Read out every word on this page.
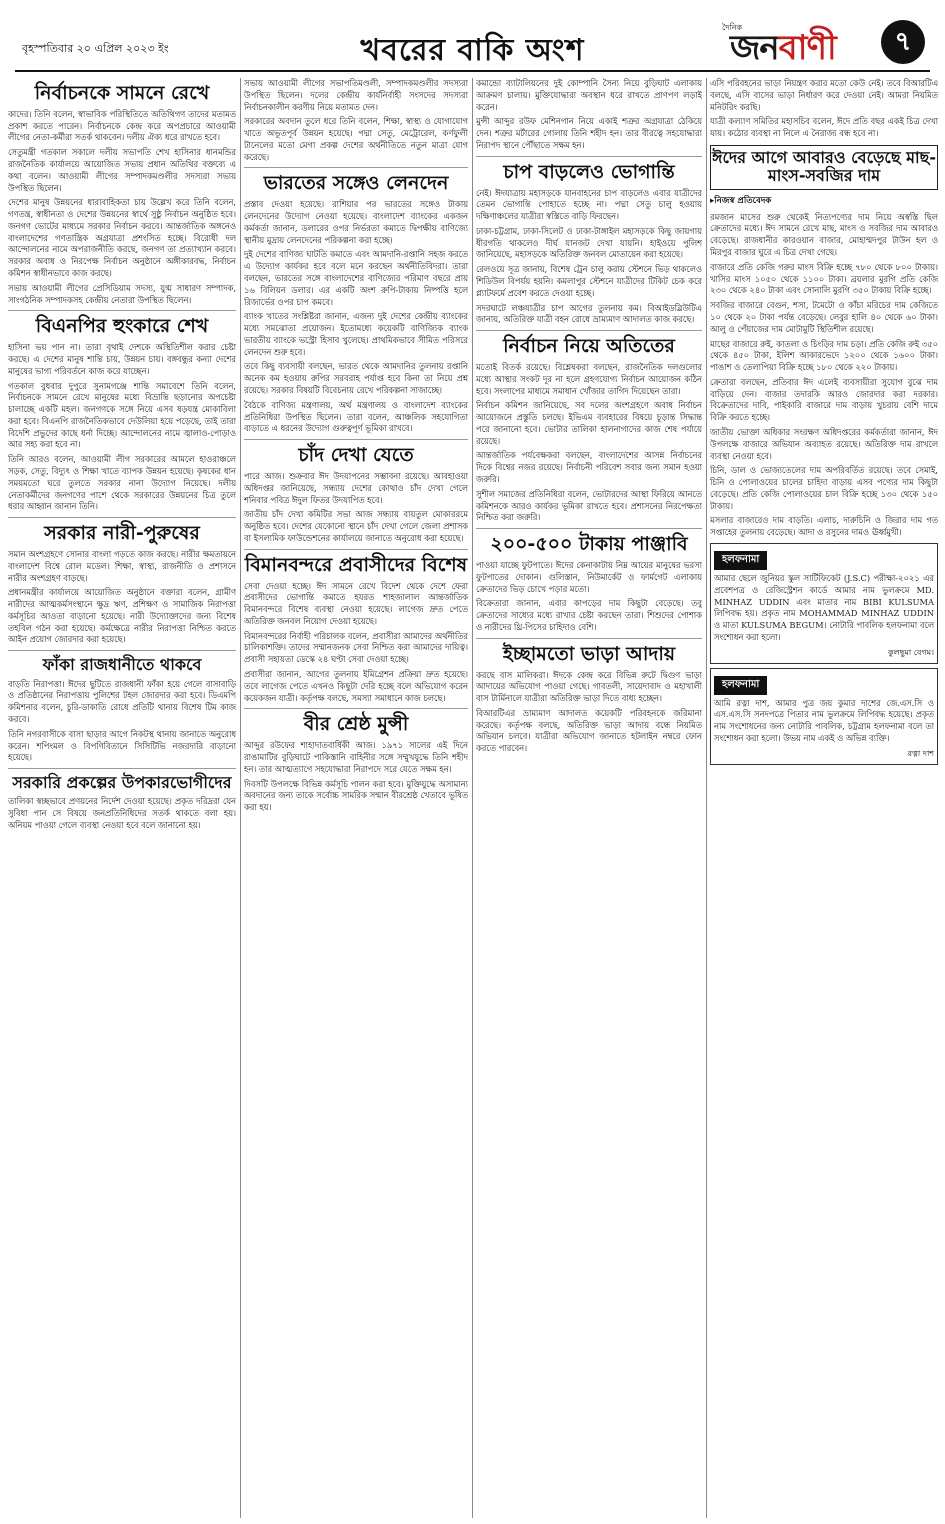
বৃহস্পতিবার ২০ এপ্রিল ২০২৩ ইং	খবরের বাকি অংশ
দৈনিক
জনবাণী	৭
নির্বাচনকে সামনে রেখে

কাদের। তিনি বলেন, স্বাভাবিক পরিস্থিতিতে অতিথিগণ তাদের মতামত প্রকাশ করতে পারেন। নির্বাচনকে কেন্দ্র করে অপপ্রচারে আওয়ামী লীগের নেতা-কর্মীরা সতর্ক থাকবেন। দলীয় ঐক্য ধরে রাখতে হবে।

সেতুমন্ত্রী গতকাল সকালে দলীয় সভাপতি শেখ হাসিনার ধানমন্ডির রাজনৈতিক কার্যালয়ে আয়োজিত সভায় প্রধান অতিথির বক্তব্যে এ কথা বলেন। আওয়ামী লীগের সম্পাদকমণ্ডলীর সদস্যরা সভায় উপস্থিত ছিলেন।

দেশের মানুষ উন্নয়নের ধারাবাহিকতা চায় উল্লেখ করে তিনি বলেন, গণতন্ত্র, স্বাধীনতা ও দেশের উন্নয়নের স্বার্থে সুষ্ঠু নির্বাচন অনুষ্ঠিত হবে। জনগণ ভোটের মাধ্যমে সরকার নির্বাচন করবে। আন্তর্জাতিক অঙ্গনেও বাংলাদেশের গণতান্ত্রিক অগ্রযাত্রা প্রশংসিত হচ্ছে। বিরোধী দল আন্দোলনের নামে অপরাজনীতি করছে, জনগণ তা প্রত্যাখ্যান করবে। সরকার অবাধ ও নিরপেক্ষ নির্বাচন অনুষ্ঠানে অঙ্গীকারবদ্ধ, নির্বাচন কমিশন স্বাধীনভাবে কাজ করছে।

সভায় আওয়ামী লীগের প্রেসিডিয়াম সদস্য, যুগ্ম সাধারণ সম্পাদক, সাংগঠনিক সম্পাদকসহ কেন্দ্রীয় নেতারা উপস্থিত ছিলেন।

বিএনপির হুংকারে শেখ

হাসিনা ভয় পান না। তারা বৃথাই দেশকে অস্থিতিশীল করার চেষ্টা করছে। এ দেশের মানুষ শান্তি চায়, উন্নয়ন চায়। বঙ্গবন্ধুর কন্যা দেশের মানুষের ভাগ্য পরিবর্তনে কাজ করে যাচ্ছেন।

গতকাল বুধবার দুপুরে সুনামগঞ্জে শান্তি সমাবেশে তিনি বলেন, নির্বাচনকে সামনে রেখে মানুষের মধ্যে বিভ্রান্তি ছড়ানোর অপচেষ্টা চালাচ্ছে একটি মহল। জনগণকে সঙ্গে নিয়ে এসব ষড়যন্ত্র মোকাবিলা করা হবে। বিএনপি রাজনৈতিকভাবে দেউলিয়া হয়ে পড়েছে, তাই তারা বিদেশি প্রভুদের কাছে ধর্না দিচ্ছে। আন্দোলনের নামে জ্বালাও-পোড়াও আর সহ্য করা হবে না।

তিনি আরও বলেন, আওয়ামী লীগ সরকারের আমলে হাওরাঞ্চলে সড়ক, সেতু, বিদ্যুৎ ও শিক্ষা খাতে ব্যাপক উন্নয়ন হয়েছে। কৃষকের ধান সময়মতো ঘরে তুলতে সরকার নানা উদ্যোগ নিয়েছে। দলীয় নেতাকর্মীদের জনগণের পাশে থেকে সরকারের উন্নয়নের চিত্র তুলে ধরার আহ্বান জানান তিনি।

সরকার নারী-পুরুষের

সমান অংশগ্রহণে সোনার বাংলা গড়তে কাজ করছে। নারীর ক্ষমতায়নে বাংলাদেশ বিশ্বে রোল মডেল। শিক্ষা, স্বাস্থ্য, রাজনীতি ও প্রশাসনে নারীর অংশগ্রহণ বাড়ছে।

প্রধানমন্ত্রীর কার্যালয়ে আয়োজিত অনুষ্ঠানে বক্তারা বলেন, গ্রামীণ নারীদের আত্মকর্মসংস্থানে ক্ষুদ্র ঋণ, প্রশিক্ষণ ও সামাজিক নিরাপত্তা কর্মসূচির আওতা বাড়ানো হয়েছে। নারী উদ্যোক্তাদের জন্য বিশেষ তহবিল গঠন করা হয়েছে। কর্মক্ষেত্রে নারীর নিরাপত্তা নিশ্চিত করতে আইন প্রয়োগ জোরদার করা হয়েছে।

ফাঁকা রাজধানীতে থাকবে

বাড়তি নিরাপত্তা। ঈদের ছুটিতে রাজধানী ফাঁকা হয়ে গেলে বাসাবাড়ি ও প্রতিষ্ঠানের নিরাপত্তায় পুলিশের টহল জোরদার করা হবে। ডিএমপি কমিশনার বলেন, চুরি-ডাকাতি রোধে প্রতিটি থানায় বিশেষ টিম কাজ করবে।

তিনি নগরবাসীকে বাসা ছাড়ার আগে নিকটস্থ থানায় জানাতে অনুরোধ করেন। শপিংমল ও বিপণিবিতানে সিসিটিভি নজরদারি বাড়ানো হয়েছে।

সরকারি প্রকল্পের উপকারভোগীদের

তালিকা স্বচ্ছভাবে প্রণয়নের নির্দেশ দেওয়া হয়েছে। প্রকৃত দরিদ্ররা যেন সুবিধা পান সে বিষয়ে জনপ্রতিনিধিদের সতর্ক থাকতে বলা হয়। অনিয়ম পাওয়া গেলে ব্যবস্থা নেওয়া হবে বলে জানানো হয়।

সভায় আওয়ামী লীগের সভাপতিমণ্ডলী, সম্পাদকমণ্ডলীর সদস্যরা উপস্থিত ছিলেন। দলের কেন্দ্রীয় কার্যনির্বাহী সংসদের সদস্যরা নির্বাচনকালীন করণীয় নিয়ে মতামত দেন।

সরকারের অবদান তুলে ধরে তিনি বলেন, শিক্ষা, স্বাস্থ্য ও যোগাযোগ খাতে অভূতপূর্ব উন্নয়ন হয়েছে। পদ্মা সেতু, মেট্রোরেল, কর্ণফুলী টানেলের মতো মেগা প্রকল্প দেশের অর্থনীতিতে নতুন মাত্রা যোগ করেছে।

ভারতের সঙ্গেও লেনদেন

প্রস্তাব দেওয়া হয়েছে। রাশিয়ার পর ভারতের সঙ্গেও টাকায় লেনদেনের উদ্যোগ নেওয়া হয়েছে। বাংলাদেশ ব্যাংকের একজন কর্মকর্তা জানান, ডলারের ওপর নির্ভরতা কমাতে দ্বিপক্ষীয় বাণিজ্যে স্থানীয় মুদ্রায় লেনদেনের পরিকল্পনা করা হচ্ছে।

দুই দেশের বাণিজ্য ঘাটতি কমাতে এবং আমদানি-রপ্তানি সহজ করতে এ উদ্যোগ কার্যকর হবে বলে মনে করছেন অর্থনীতিবিদরা। তারা বলছেন, ভারতের সঙ্গে বাংলাদেশের বাণিজ্যের পরিমাণ বছরে প্রায় ১৬ বিলিয়ন ডলার। এর একটি অংশ রুপি-টাকায় নিষ্পত্তি হলে রিজার্ভের ওপর চাপ কমবে।

ব্যাংক খাতের সংশ্লিষ্টরা জানান, এজন্য দুই দেশের কেন্দ্রীয় ব্যাংকের মধ্যে সমঝোতা প্রয়োজন। ইতোমধ্যে কয়েকটি বাণিজ্যিক ব্যাংক ভারতীয় ব্যাংকে ভস্ট্রো হিসাব খুলেছে। প্রাথমিকভাবে সীমিত পরিসরে লেনদেন শুরু হবে।

তবে কিছু ব্যবসায়ী বলছেন, ভারত থেকে আমদানির তুলনায় রপ্তানি অনেক কম হওয়ায় রুপির সরবরাহ পর্যাপ্ত হবে কিনা তা নিয়ে প্রশ্ন রয়েছে। সরকার বিষয়টি বিবেচনায় রেখে পরিকল্পনা সাজাচ্ছে।

বৈঠকে বাণিজ্য মন্ত্রণালয়, অর্থ মন্ত্রণালয় ও বাংলাদেশ ব্যাংকের প্রতিনিধিরা উপস্থিত ছিলেন। তারা বলেন, আঞ্চলিক সহযোগিতা বাড়াতে এ ধরনের উদ্যোগ গুরুত্বপূর্ণ ভূমিকা রাখবে।

চাঁদ দেখা যেতে

পারে আজ। শুক্রবার ঈদ উদযাপনের সম্ভাবনা রয়েছে। আবহাওয়া অধিদপ্তর জানিয়েছে, সন্ধ্যায় দেশের কোথাও চাঁদ দেখা গেলে শনিবার পবিত্র ঈদুল ফিতর উদযাপিত হবে।

জাতীয় চাঁদ দেখা কমিটির সভা আজ সন্ধ্যায় বায়তুল মোকাররমে অনুষ্ঠিত হবে। দেশের যেকোনো স্থানে চাঁদ দেখা গেলে জেলা প্রশাসক বা ইসলামিক ফাউন্ডেশনের কার্যালয়ে জানাতে অনুরোধ করা হয়েছে।

বিমানবন্দরে প্রবাসীদের বিশেষ

সেবা দেওয়া হচ্ছে। ঈদ সামনে রেখে বিদেশ থেকে দেশে ফেরা প্রবাসীদের ভোগান্তি কমাতে হযরত শাহজালাল আন্তর্জাতিক বিমানবন্দরে বিশেষ ব্যবস্থা নেওয়া হয়েছে। লাগেজ দ্রুত পেতে অতিরিক্ত জনবল নিয়োগ দেওয়া হয়েছে।

বিমানবন্দরের নির্বাহী পরিচালক বলেন, প্রবাসীরা আমাদের অর্থনীতির চালিকাশক্তি। তাদের সম্মানজনক সেবা নিশ্চিত করা আমাদের দায়িত্ব। প্রবাসী সহায়তা ডেস্কে ২৪ ঘণ্টা সেবা দেওয়া হচ্ছে।

প্রবাসীরা জানান, আগের তুলনায় ইমিগ্রেশন প্রক্রিয়া দ্রুত হয়েছে। তবে লাগেজ পেতে এখনও কিছুটা দেরি হচ্ছে বলে অভিযোগ করেন কয়েকজন যাত্রী। কর্তৃপক্ষ বলছে, সমস্যা সমাধানে কাজ চলছে।

বীর শ্রেষ্ঠ মুন্সী

আব্দুর রউফের শাহাদাতবার্ষিকী আজ। ১৯৭১ সালের এই দিনে রাঙামাটির বুড়িঘাটে পাকিস্তানি বাহিনীর সঙ্গে সম্মুখযুদ্ধে তিনি শহীদ হন। তার আত্মত্যাগে সহযোদ্ধারা নিরাপদে সরে যেতে সক্ষম হন।

দিবসটি উপলক্ষে বিভিন্ন কর্মসূচি পালন করা হবে। মুক্তিযুদ্ধে অসামান্য অবদানের জন্য তাকে সর্বোচ্চ সামরিক সম্মান বীরশ্রেষ্ঠ খেতাবে ভূষিত করা হয়।

কমান্ডো ব্যাটালিয়নের দুই কোম্পানি সৈন্য নিয়ে বুড়িঘাট এলাকায় আক্রমণ চালায়। মুক্তিযোদ্ধারা অবস্থান ধরে রাখতে প্রাণপণ লড়াই করেন।

মুন্সী আব্দুর রউফ মেশিনগান নিয়ে একাই শত্রুর অগ্রযাত্রা ঠেকিয়ে দেন। শত্রুর মর্টারের গোলায় তিনি শহীদ হন। তার বীরত্বে সহযোদ্ধারা নিরাপদ স্থানে পৌঁছাতে সক্ষম হন।

চাপ বাড়লেও ভোগান্তি

নেই। ঈদযাত্রায় মহাসড়কে যানবাহনের চাপ বাড়লেও এবার যাত্রীদের তেমন ভোগান্তি পোহাতে হচ্ছে না। পদ্মা সেতু চালু হওয়ায় দক্ষিণাঞ্চলের যাত্রীরা স্বস্তিতে বাড়ি ফিরছেন।

ঢাকা-চট্টগ্রাম, ঢাকা-সিলেট ও ঢাকা-টাঙ্গাইল মহাসড়কে কিছু জায়গায় ধীরগতি থাকলেও দীর্ঘ যানজট দেখা যায়নি। হাইওয়ে পুলিশ জানিয়েছে, মহাসড়কে অতিরিক্ত জনবল মোতায়েন করা হয়েছে।

রেলওয়ে সূত্র জানায়, বিশেষ ট্রেন চালু করায় স্টেশনে ভিড় থাকলেও শিডিউল বিপর্যয় হয়নি। কমলাপুর স্টেশনে যাত্রীদের টিকিট চেক করে প্ল্যাটফর্মে প্রবেশ করতে দেওয়া হচ্ছে।

সদরঘাটে লঞ্চযাত্রীর চাপ আগের তুলনায় কম। বিআইডব্লিউটিএ জানায়, অতিরিক্ত যাত্রী বহন রোধে ভ্রাম্যমাণ আদালত কাজ করছে।

নির্বাচন নিয়ে অতিতের

মতোই বিতর্ক রয়েছে। বিশ্লেষকরা বলছেন, রাজনৈতিক দলগুলোর মধ্যে আস্থার সংকট দূর না হলে গ্রহণযোগ্য নির্বাচন আয়োজন কঠিন হবে। সংলাপের মাধ্যমে সমাধান খোঁজার তাগিদ দিয়েছেন তারা।

নির্বাচন কমিশন জানিয়েছে, সব দলের অংশগ্রহণে অবাধ নির্বাচন আয়োজনে প্রস্তুতি চলছে। ইভিএম ব্যবহারের বিষয়ে চূড়ান্ত সিদ্ধান্ত পরে জানানো হবে। ভোটার তালিকা হালনাগাদের কাজ শেষ পর্যায়ে রয়েছে।

আন্তর্জাতিক পর্যবেক্ষকরা বলছেন, বাংলাদেশের আসন্ন নির্বাচনের দিকে বিশ্বের নজর রয়েছে। নির্বাচনী পরিবেশ সবার জন্য সমান হওয়া জরুরি।

সুশীল সমাজের প্রতিনিধিরা বলেন, ভোটারদের আস্থা ফিরিয়ে আনতে কমিশনকে আরও কার্যকর ভূমিকা রাখতে হবে। প্রশাসনের নিরপেক্ষতা নিশ্চিত করা জরুরি।

২০০-৫০০ টাকায় পাঞ্জাবি

পাওয়া যাচ্ছে ফুটপাতে। ঈদের কেনাকাটায় নিম্ন আয়ের মানুষের ভরসা ফুটপাতের দোকান। গুলিস্তান, নিউমার্কেট ও ফার্মগেট এলাকায় ক্রেতাদের ভিড় চোখে পড়ার মতো।

বিক্রেতারা জানান, এবার কাপড়ের দাম কিছুটা বেড়েছে। তবু ক্রেতাদের সাধ্যের মধ্যে রাখার চেষ্টা করছেন তারা। শিশুদের পোশাক ও নারীদের থ্রি-পিসের চাহিদাও বেশি।

ইচ্ছামতো ভাড়া আদায়

করছে বাস মালিকরা। ঈদকে কেন্দ্র করে বিভিন্ন রুটে দ্বিগুণ ভাড়া আদায়ের অভিযোগ পাওয়া গেছে। গাবতলী, সায়েদাবাদ ও মহাখালী বাস টার্মিনালে যাত্রীরা অতিরিক্ত ভাড়া দিতে বাধ্য হচ্ছেন।

বিআরটিএর ভ্রাম্যমাণ আদালত কয়েকটি পরিবহনকে জরিমানা করেছে। কর্তৃপক্ষ বলছে, অতিরিক্ত ভাড়া আদায় বন্ধে নিয়মিত অভিযান চলবে। যাত্রীরা অভিযোগ জানাতে হটলাইন নম্বরে ফোন করতে পারবেন।

এসি পরিবহনের ভাড়া নিয়ন্ত্রণ করার মতো কেউ নেই। তবে বিআরটিএ বলছে, এসি বাসের ভাড়া নির্ধারণ করে দেওয়া নেই। আমরা নিয়মিত মনিটরিং করছি।

যাত্রী কল্যাণ সমিতির মহাসচিব বলেন, ঈদে প্রতি বছর একই চিত্র দেখা যায়। কঠোর ব্যবস্থা না নিলে এ নৈরাজ্য বন্ধ হবে না।

ঈদের আগে আবারও বেড়েছে মাছ-মাংস-সবজির দাম
▸ নিজস্ব প্রতিবেদক

রমজান মাসের শুরু থেকেই নিত্যপণ্যের দাম নিয়ে অস্বস্তি ছিল ক্রেতাদের মধ্যে। ঈদ সামনে রেখে মাছ, মাংস ও সবজির দাম আবারও বেড়েছে। রাজধানীর কারওয়ান বাজার, মোহাম্মদপুর টাউন হল ও মিরপুর বাজার ঘুরে এ চিত্র দেখা গেছে।

বাজারে প্রতি কেজি গরুর মাংস বিক্রি হচ্ছে ৭৮০ থেকে ৮০০ টাকায়। খাসির মাংস ১০৫০ থেকে ১১০০ টাকা। ব্রয়লার মুরগি প্রতি কেজি ২৩০ থেকে ২৪০ টাকা এবং সোনালি মুরগি ৩৫০ টাকায় বিক্রি হচ্ছে।

সবজির বাজারে বেগুন, শসা, টমেটো ও কাঁচা মরিচের দাম কেজিতে ১০ থেকে ২০ টাকা পর্যন্ত বেড়েছে। লেবুর হালি ৪০ থেকে ৬০ টাকা। আলু ও পেঁয়াজের দাম মোটামুটি স্থিতিশীল রয়েছে।

মাছের বাজারে রুই, কাতলা ও চিংড়ির দাম চড়া। প্রতি কেজি রুই ৩৫০ থেকে ৪৫০ টাকা, ইলিশ আকারভেদে ১২০০ থেকে ১৬০০ টাকা। পাঙাশ ও তেলাপিয়া বিক্রি হচ্ছে ১৮০ থেকে ২২০ টাকায়।

ক্রেতারা বলছেন, প্রতিবার ঈদ এলেই ব্যবসায়ীরা সুযোগ বুঝে দাম বাড়িয়ে দেন। বাজার তদারকি আরও জোরদার করা দরকার। বিক্রেতাদের দাবি, পাইকারি বাজারে দাম বাড়ায় খুচরায় বেশি দামে বিক্রি করতে হচ্ছে।

জাতীয় ভোক্তা অধিকার সংরক্ষণ অধিদপ্তরের কর্মকর্তারা জানান, ঈদ উপলক্ষে বাজারে অভিযান অব্যাহত রয়েছে। অতিরিক্ত দাম রাখলে ব্যবস্থা নেওয়া হবে।

চিনি, ডাল ও ভোজ্যতেলের দাম অপরিবর্তিত রয়েছে। তবে সেমাই, চিনি ও পোলাওয়ের চালের চাহিদা বাড়ায় এসব পণ্যের দাম কিছুটা বেড়েছে। প্রতি কেজি পোলাওয়ের চাল বিক্রি হচ্ছে ১৩০ থেকে ১৫০ টাকায়।

মসলার বাজারেও দাম বাড়তি। এলাচ, দারুচিনি ও জিরার দাম গত সপ্তাহের তুলনায় বেড়েছে। আদা ও রসুনের দামও ঊর্ধ্বমুখী।

হলফনামা

আমার ছেলে জুনিয়র স্কুল সার্টিফিকেট (J.S.C) পরীক্ষা-২০২১ এর প্রবেশপত্র ও রেজিস্ট্রেশন কার্ডে আমার নাম ভুলক্রমে MD. MINHAZ UDDIN এবং মাতার নাম BIBI KULSUMA লিপিবদ্ধ হয়। প্রকৃত নাম MOHAMMAD MINHAZ UDDIN ও মাতা KULSUMA BEGUM। নোটারি পাবলিক হলফনামা বলে সংশোধন করা হলো।

কুলছুমা বেগম।
হলফনামা

আমি রত্না দাশ, আমার পুত্র জয় কুমার দাশের জে.এস.সি ও এস.এস.সি সনদপত্রে পিতার নাম ভুলক্রমে লিপিবদ্ধ হয়েছে। প্রকৃত নাম সংশোধনের জন্য নোটারি পাবলিক, চট্টগ্রাম হলফনামা বলে তা সংশোধন করা হলো। উভয় নাম একই ও অভিন্ন ব্যক্তি।

রত্না দাশ
